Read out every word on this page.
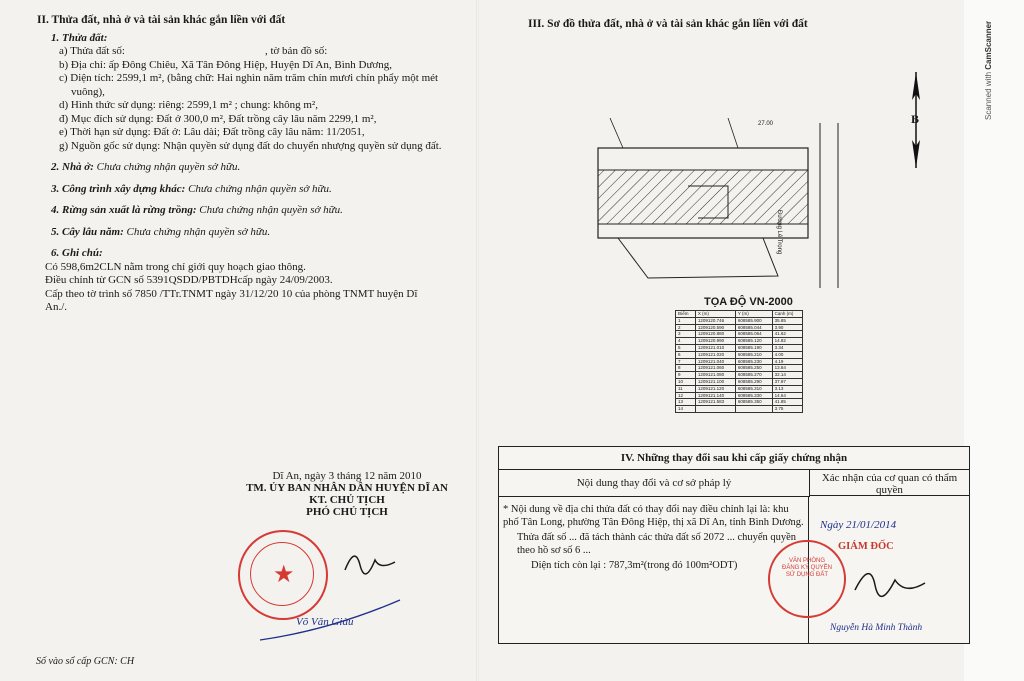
II. Thửa đất, nhà ở và tài sản khác gắn liền với đất
1. Thửa đất:
a) Thửa đất số:	, tờ bản đồ số:
b) Địa chỉ: ấp Đông Chiêu, Xã Tân Đông Hiệp, Huyện Dĩ An, Bình Dương,
c) Diện tích: 2599,1 m², (bằng chữ: Hai nghìn năm trăm chín mươi chín phẩy một mét
vuông),
d) Hình thức sử dụng: riêng: 2599,1 m² ; chung: không m²,
đ) Mục đích sử dụng: Đất ở 300,0 m², Đất trồng cây lâu năm 2299,1 m²,
e) Thời hạn sử dụng: Đất ở: Lâu dài; Đất trồng cây lâu năm: 11/2051,
g) Nguồn gốc sử dụng: Nhận quyền sử dụng đất do chuyển nhượng quyền sử dụng đất.
2. Nhà ở: Chưa chứng nhận quyền sở hữu.
3. Công trình xây dựng khác: Chưa chứng nhận quyền sở hữu.
4. Rừng sản xuất là rừng trồng: Chưa chứng nhận quyền sở hữu.
5. Cây lâu năm: Chưa chứng nhận quyền sở hữu.
6. Ghi chú:
Có 598,6m2CLN nằm trong chỉ giới quy hoạch giao thông.
Điều chỉnh từ GCN số 5391QSDD/PBTDHcấp ngày 24/09/2003.
Cấp theo tờ trình số 7850 /TTr.TNMT ngày 31/12/20 10 của phòng TNMT huyện Dĩ
An./.
Dĩ An, ngày 3 tháng 12 năm 2010
TM. ỦY BAN NHÂN DÂN HUYỆN DĨ AN
KT. CHỦ TỊCH
PHÓ CHỦ TỊCH
★
Võ Văn Giàu
Số vào sổ cấp GCN: CH
III. Sơ đồ thửa đất, nhà ở và tài sản khác gắn liền với đất
B
27.00
Đường Lê Trọng
TỌA ĐỘ VN-2000
Điểm	X (m)	Y (m)	Cạnh (m)
1	1209120.746	608585.900	35.85
2	1209120.590	608585.044	3.90
3	1209120.880	608585.064	41.62
4	1209120.990	608585.120	14.82
5	1209121.010	608585.190	3.34
6	1209121.020	608585.210	4.00
7	1209121.040	608585.230	4.19
8	1209121.060	608585.250	13.84
9	1209121.080	608585.270	32.14
10	1209121.100	608585.290	37.97
11	1209121.120	608585.310	3.13
12	1209121.140	608585.330	14.64
13	1209121.583	608585.350	41.85
14			3.75
IV. Những thay đổi sau khi cấp giấy chứng nhận
Nội dung thay đổi và cơ sở pháp lý	Xác nhận của cơ quan có thẩm quyền
* Nội dung về địa chỉ thửa đất có thay đổi nay điều chỉnh lại là: khu phố Tân Long, phường Tân Đông Hiệp, thị xã Dĩ An, tỉnh Bình Dương.
Thửa đất số ... đã tách thành các thửa đất số 2072 ... chuyển quyền theo hồ sơ số 6 ...
Diện tích còn lại : 787,3m²(trong đó 100m²ODT)
Ngày 21/01/2014
GIÁM ĐỐC
Nguyễn Hà Minh Thành
VĂN PHÒNG ĐĂNG KÝ QUYỀN SỬ DỤNG ĐẤT
Scanned with CamScanner
